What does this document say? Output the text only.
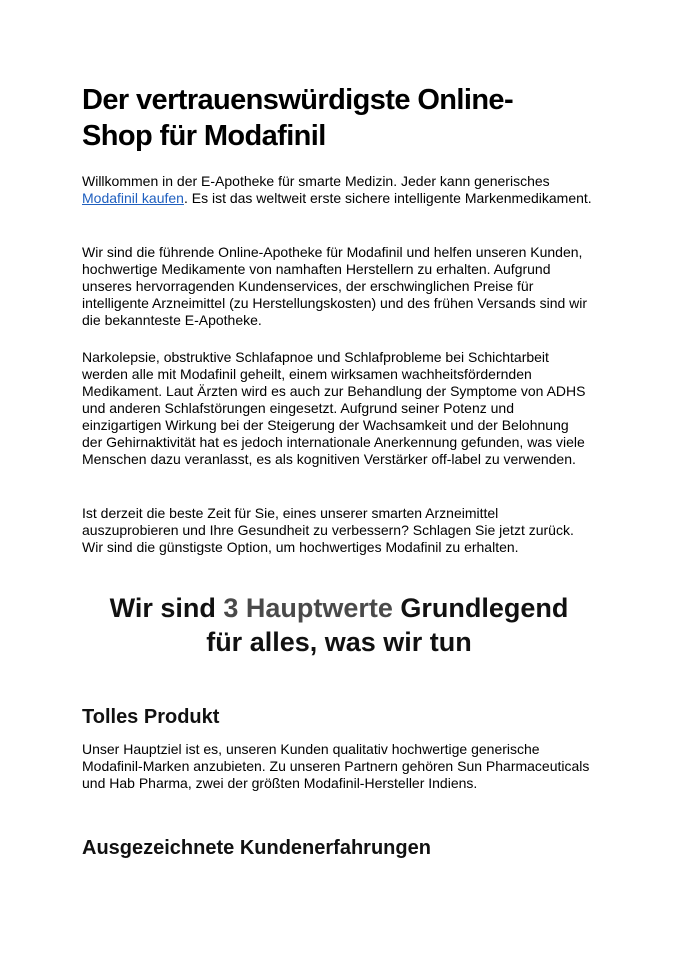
Der vertrauenswürdigste Online-
Shop für Modafinil

Willkommen in der E-Apotheke für smarte Medizin. Jeder kann generisches Modafinil kaufen. Es ist das weltweit erste sichere intelligente Markenmedikament.

Wir sind die führende Online-Apotheke für Modafinil und helfen unseren Kunden, hochwertige Medikamente von namhaften Herstellern zu erhalten. Aufgrund unseres hervorragenden Kundenservices, der erschwinglichen Preise für intelligente Arzneimittel (zu Herstellungskosten) und des frühen Versands sind wir die bekannteste E-Apotheke.

Narkolepsie, obstruktive Schlafapnoe und Schlafprobleme bei Schichtarbeit werden alle mit Modafinil geheilt, einem wirksamen wachheitsfördernden Medikament. Laut Ärzten wird es auch zur Behandlung der Symptome von ADHS und anderen Schlafstörungen eingesetzt. Aufgrund seiner Potenz und einzigartigen Wirkung bei der Steigerung der Wachsamkeit und der Belohnung der Gehirnaktivität hat es jedoch internationale Anerkennung gefunden, was viele Menschen dazu veranlasst, es als kognitiven Verstärker off-label zu verwenden.

Ist derzeit die beste Zeit für Sie, eines unserer smarten Arzneimittel auszuprobieren und Ihre Gesundheit zu verbessern? Schlagen Sie jetzt zurück. Wir sind die günstigste Option, um hochwertiges Modafinil zu erhalten.

Wir sind 3 Hauptwerte Grundlegend
für alles, was wir tun
Tolles Produkt

Unser Hauptziel ist es, unseren Kunden qualitativ hochwertige generische Modafinil-Marken anzubieten. Zu unseren Partnern gehören Sun Pharmaceuticals und Hab Pharma, zwei der größten Modafinil-Hersteller Indiens.

Ausgezeichnete Kundenerfahrungen
